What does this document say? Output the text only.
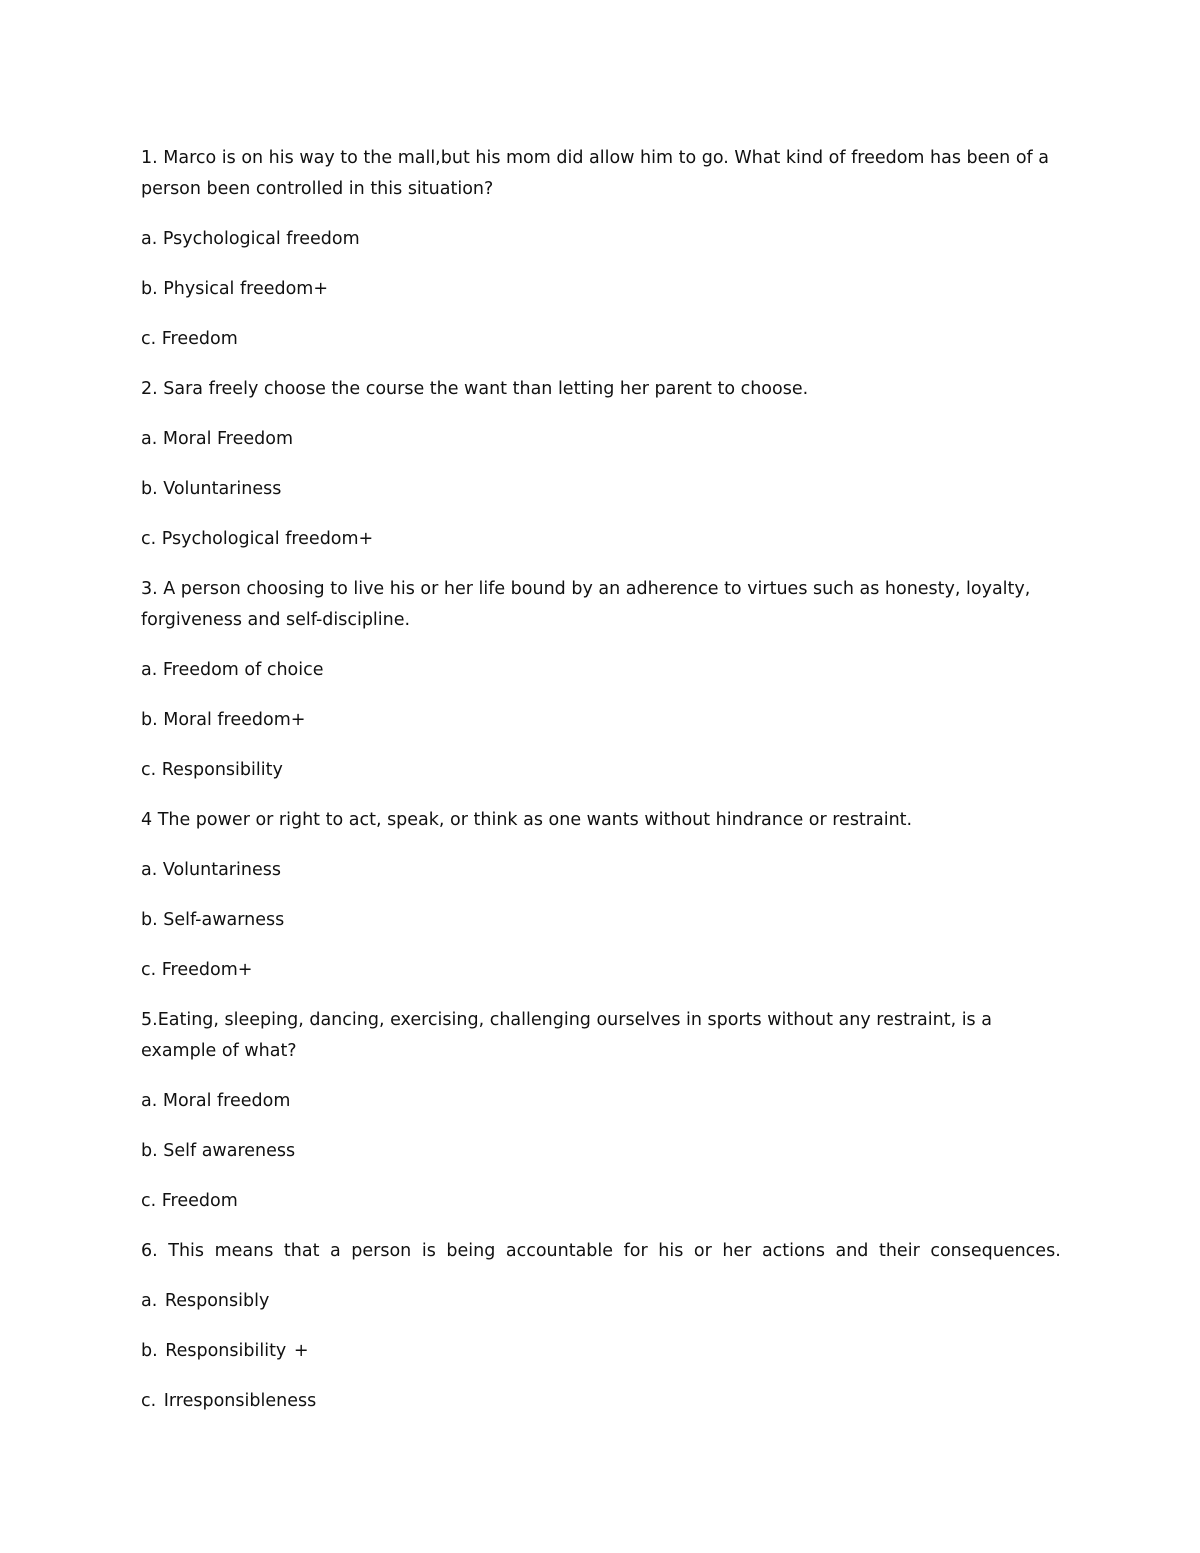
1. Marco is on his way to the mall,but his mom did allow him to go. What kind of freedom has been of a person been controlled in this situation?

a. Psychological freedom

b. Physical freedom+

c. Freedom

2. Sara freely choose the course the want than letting her parent to choose.

a. Moral Freedom

b. Voluntariness

c. Psychological freedom+

3. A person choosing to live his or her life bound by an adherence to virtues such as honesty, loyalty, forgiveness and self-discipline.

a. Freedom of choice

b. Moral freedom+

c. Responsibility

4 The power or right to act, speak, or think as one wants without hindrance or restraint.

a. Voluntariness

b. Self-awarness

c. Freedom+

5.Eating, sleeping, dancing, exercising, challenging ourselves in sports without any restraint, is a example of what?

a. Moral freedom

b. Self awareness

c. Freedom

6. This means that a person is being accountable for his or her actions and their consequences.

a. Responsibly

b. Responsibility +

c. Irresponsibleness
